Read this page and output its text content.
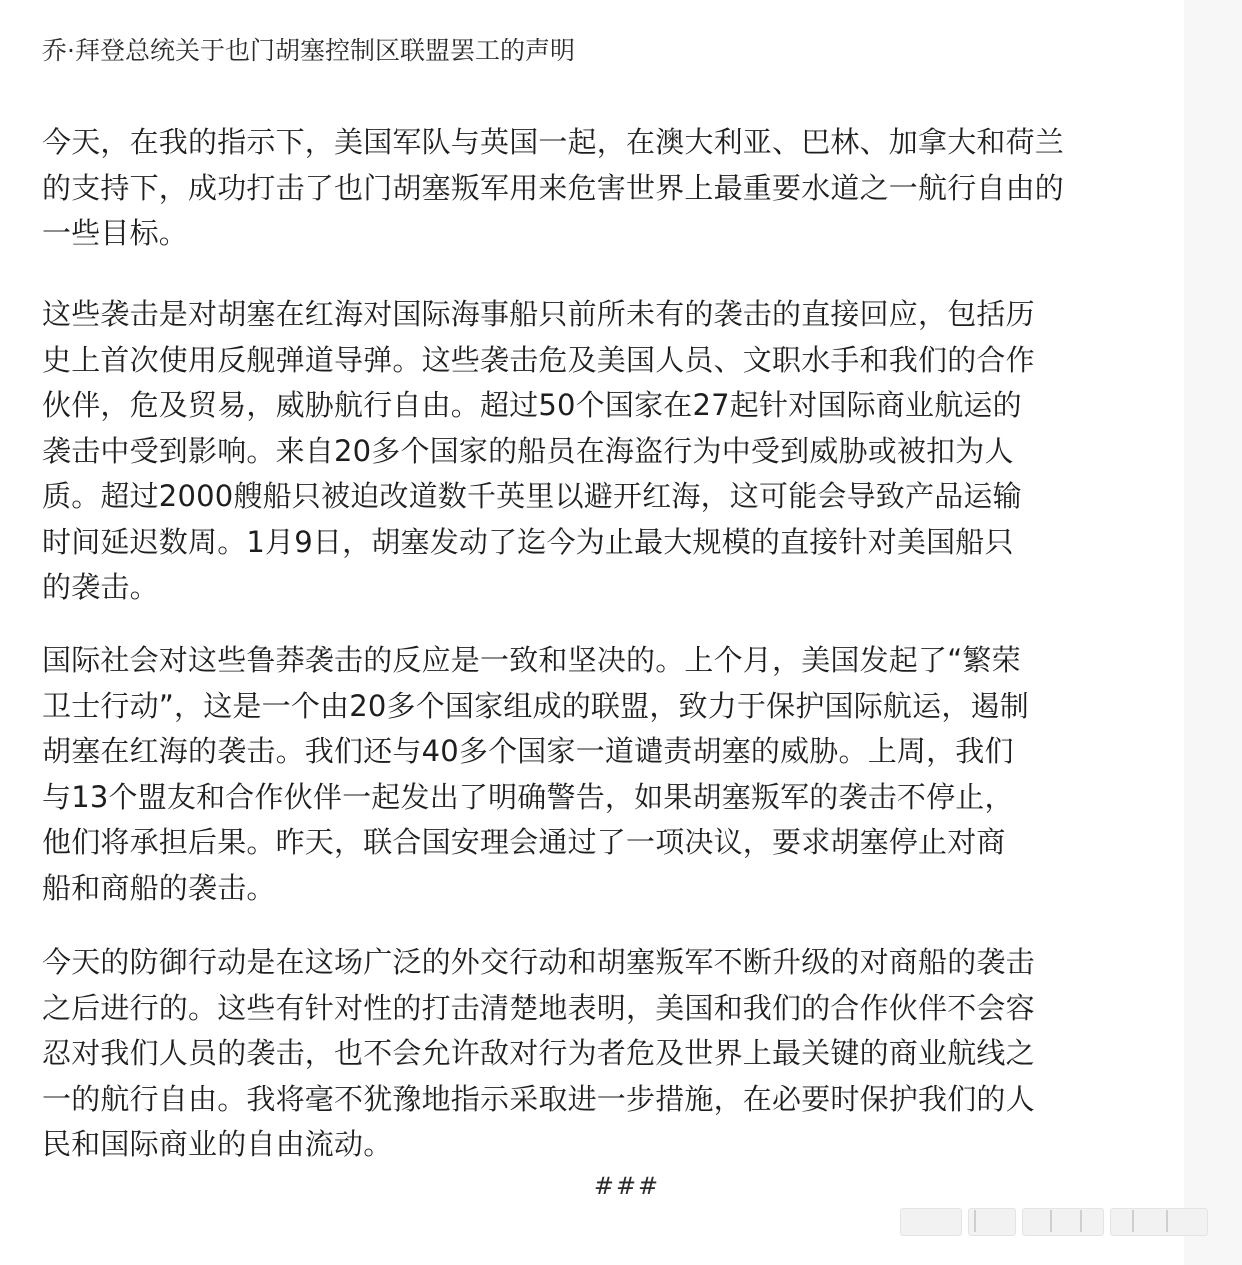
乔·拜登总统关于也门胡塞控制区联盟罢工的声明
今天，在我的指示下，美国军队与英国一起，在澳大利亚、巴林、加拿大和荷兰
的支持下，成功打击了也门胡塞叛军用来危害世界上最重要水道之一航行自由的
一些目标。
这些袭击是对胡塞在红海对国际海事船只前所未有的袭击的直接回应，包括历
史上首次使用反舰弹道导弹。这些袭击危及美国人员、文职水手和我们的合作
伙伴，危及贸易，威胁航行自由。超过50个国家在27起针对国际商业航运的
袭击中受到影响。来自20多个国家的船员在海盗行为中受到威胁或被扣为人
质。超过2000艘船只被迫改道数千英里以避开红海，这可能会导致产品运输
时间延迟数周。1月9日，胡塞发动了迄今为止最大规模的直接针对美国船只
的袭击。
国际社会对这些鲁莽袭击的反应是一致和坚决的。上个月，美国发起了“繁荣
卫士行动”，这是一个由20多个国家组成的联盟，致力于保护国际航运，遏制
胡塞在红海的袭击。我们还与40多个国家一道谴责胡塞的威胁。上周，我们
与13个盟友和合作伙伴一起发出了明确警告，如果胡塞叛军的袭击不停止，
他们将承担后果。昨天，联合国安理会通过了一项决议，要求胡塞停止对商
船和商船的袭击。
今天的防御行动是在这场广泛的外交行动和胡塞叛军不断升级的对商船的袭击
之后进行的。这些有针对性的打击清楚地表明，美国和我们的合作伙伴不会容
忍对我们人员的袭击，也不会允许敌对行为者危及世界上最关键的商业航线之
一的航行自由。我将毫不犹豫地指示采取进一步措施，在必要时保护我们的人
民和国际商业的自由流动。
###
